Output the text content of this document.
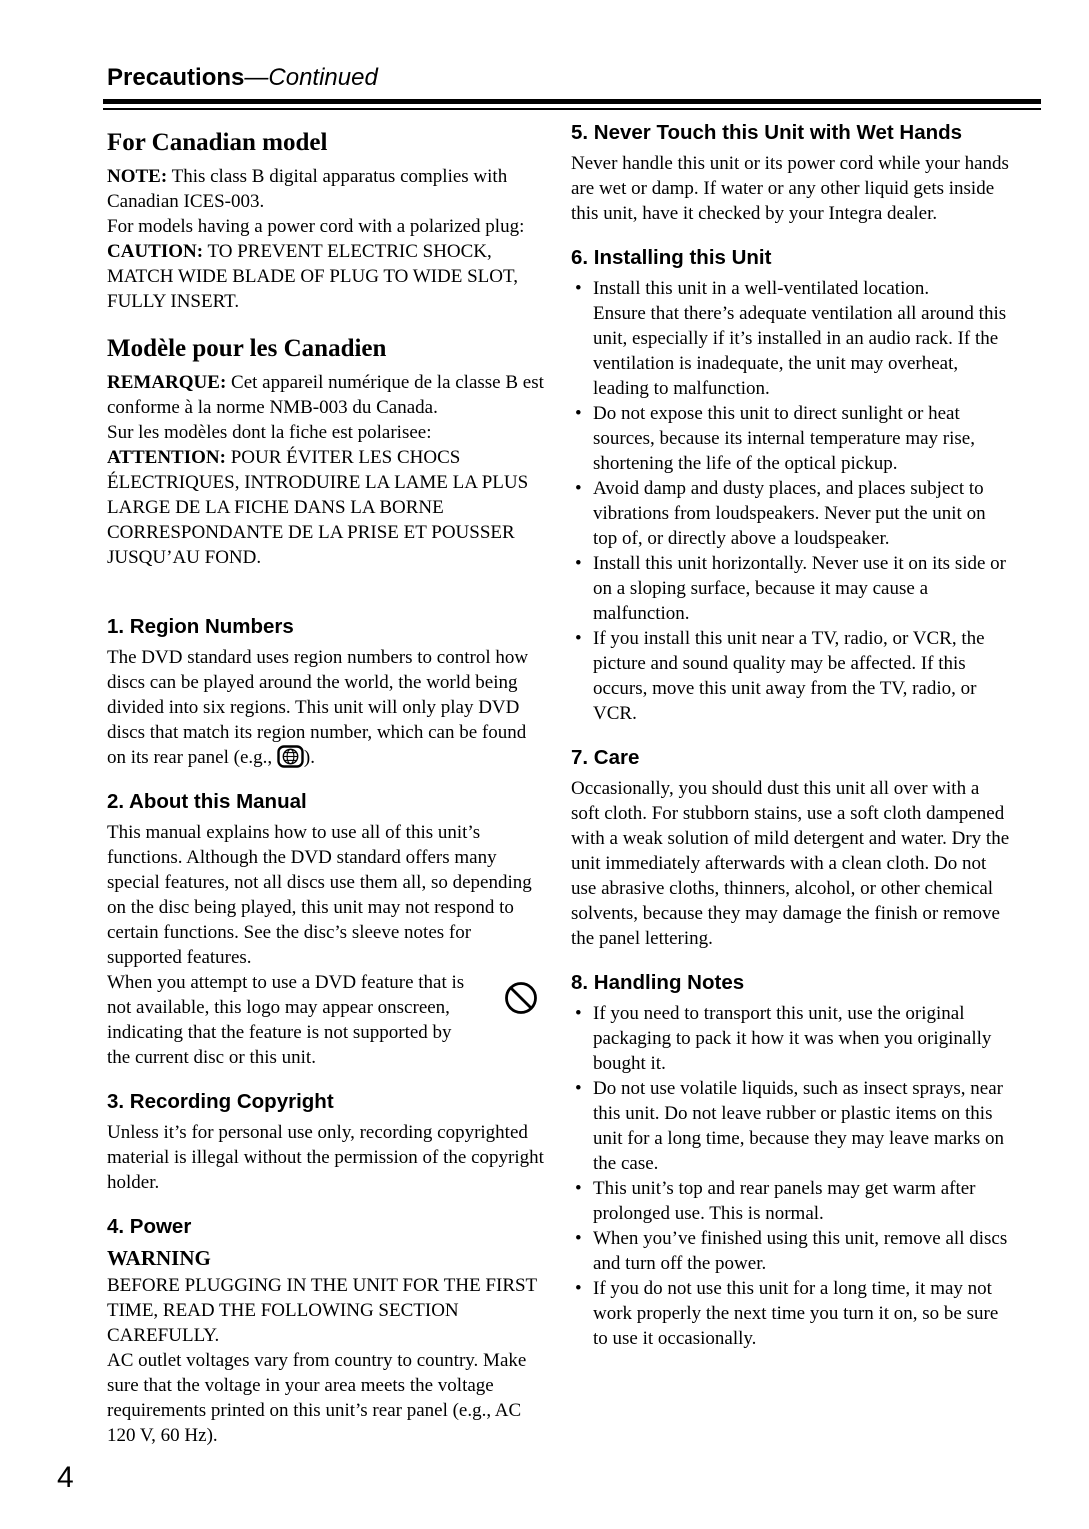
Precautions—Continued
For Canadian model

NOTE: This class B digital apparatus complies with Canadian ICES-003.

For models having a power cord with a polarized plug:

CAUTION: TO PREVENT ELECTRIC SHOCK, MATCH WIDE BLADE OF PLUG TO WIDE SLOT, FULLY INSERT.

Modèle pour les Canadien

REMARQUE: Cet appareil numérique de la classe B est conforme à la norme NMB-003 du Canada.

Sur les modèles dont la fiche est polarisee:

ATTENTION: POUR ÉVITER LES CHOCS ÉLECTRIQUES, INTRODUIRE LA LAME LA PLUS LARGE DE LA FICHE DANS LA BORNE CORRESPONDANTE DE LA PRISE ET POUSSER JUSQU’AU FOND.

1. Region Numbers

The DVD standard uses region numbers to control how discs can be played around the world, the world being divided into six regions. This unit will only play DVD discs that match its region number, which can be found on its rear panel (e.g., ).

2. About this Manual

This manual explains how to use all of this unit’s functions. Although the DVD standard offers many special features, not all discs use them all, so depending on the disc being played, this unit may not respond to certain functions. See the disc’s sleeve notes for supported features.

When you attempt to use a DVD feature that is not available, this logo may appear onscreen, indicating that the feature is not supported by the current disc or this unit.

3. Recording Copyright

Unless it’s for personal use only, recording copyrighted material is illegal without the permission of the copyright holder.

4. Power
WARNING

BEFORE PLUGGING IN THE UNIT FOR THE FIRST TIME, READ THE FOLLOWING SECTION CAREFULLY.

AC outlet voltages vary from country to country. Make sure that the voltage in your area meets the voltage requirements printed on this unit’s rear panel (e.g., AC 120 V, 60 Hz).

5. Never Touch this Unit with Wet Hands

Never handle this unit or its power cord while your hands are wet or damp. If water or any other liquid gets inside this unit, have it checked by your Integra dealer.

6. Installing this Unit

• Install this unit in a well-ventilated location.

Ensure that there’s adequate ventilation all around this unit, especially if it’s installed in an audio rack. If the ventilation is inadequate, the unit may overheat, leading to malfunction.

• Do not expose this unit to direct sunlight or heat sources, because its internal temperature may rise, shortening the life of the optical pickup.

• Avoid damp and dusty places, and places subject to vibrations from loudspeakers. Never put the unit on top of, or directly above a loudspeaker.

• Install this unit horizontally. Never use it on its side or on a sloping surface, because it may cause a malfunction.

• If you install this unit near a TV, radio, or VCR, the picture and sound quality may be affected. If this occurs, move this unit away from the TV, radio, or VCR.

7. Care

Occasionally, you should dust this unit all over with a soft cloth. For stubborn stains, use a soft cloth dampened with a weak solution of mild detergent and water. Dry the unit immediately afterwards with a clean cloth. Do not use abrasive cloths, thinners, alcohol, or other chemical solvents, because they may damage the finish or remove the panel lettering.

8. Handling Notes

• If you need to transport this unit, use the original packaging to pack it how it was when you originally bought it.

• Do not use volatile liquids, such as insect sprays, near this unit. Do not leave rubber or plastic items on this unit for a long time, because they may leave marks on the case.

• This unit’s top and rear panels may get warm after prolonged use. This is normal.

• When you’ve finished using this unit, remove all discs and turn off the power.

• If you do not use this unit for a long time, it may not work properly the next time you turn it on, so be sure to use it occasionally.

4
